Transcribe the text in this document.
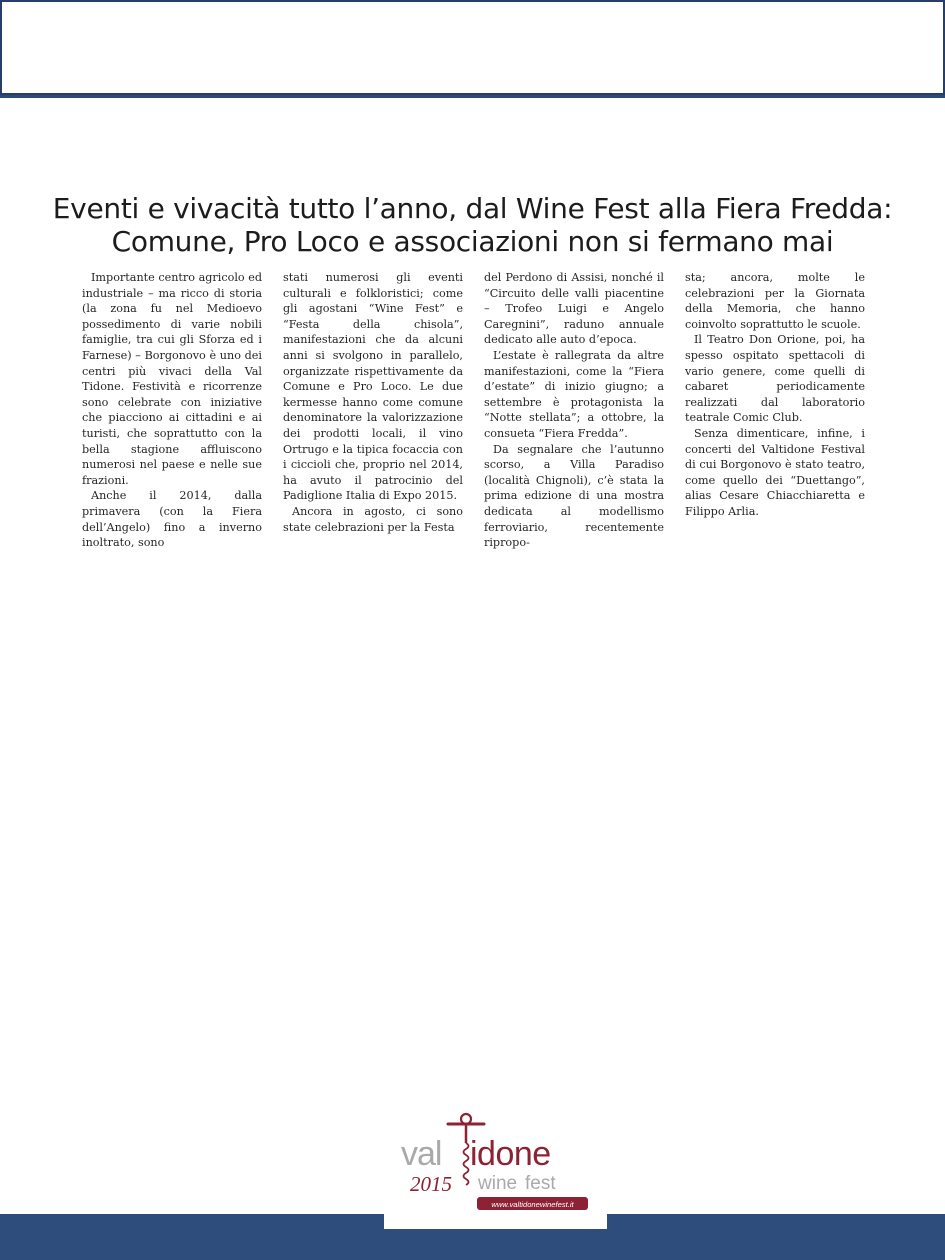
Eventi e vivacità tutto l’anno, dal Wine Fest alla Fiera Fredda:
Comune, Pro Loco e associazioni non si fermano mai

Importante centro agricolo ed industriale – ma ricco di storia (la zona fu nel Medioevo possedimento di varie nobili famiglie, tra cui gli Sforza ed i Farnese) – Borgonovo è uno dei centri più vivaci della Val Tidone. Festività e ricorrenze sono celebrate con iniziative che piacciono ai cittadini e ai turisti, che soprattutto con la bella stagione affluiscono numerosi nel paese e nelle sue frazioni.

Anche il 2014, dalla primavera (con la Fiera dell’Angelo) fino a inverno inoltrato, sono

stati numerosi gli eventi culturali e folkloristici; come gli agostani “Wine Fest” e “Festa della chisola”, manifestazioni che da alcuni anni si svolgono in parallelo, organizzate rispettivamente da Comune e Pro Loco. Le due kermesse hanno come comune denominatore la valorizzazione dei prodotti locali, il vino Ortrugo e la tipica focaccia con i ciccioli che, proprio nel 2014, ha avuto il patrocinio del Padiglione Italia di Expo 2015.

Ancora in agosto, ci sono state celebrazioni per la Festa

del Perdono di Assisi, nonché il “Circuito delle valli piacentine – Trofeo Luigi e Angelo Caregnini”, raduno annuale dedicato alle auto d’epoca.

L’estate è rallegrata da altre manifestazioni, come la “Fiera d’estate” di inizio giugno; a settembre è protagonista la “Notte stellata”; a ottobre, la consueta “Fiera Fredda”.

Da segnalare che l’autunno scorso, a Villa Paradiso (località Chignoli), c’è stata la prima edizione di una mostra dedicata al modellismo ferroviario, recentemente ripropo-

sta; ancora, molte le celebrazioni per la Giornata della Memoria, che hanno coinvolto soprattutto le scuole.

Il Teatro Don Orione, poi, ha spesso ospitato spettacoli di vario genere, come quelli di cabaret periodicamente realizzati dal laboratorio teatrale Comic Club.

Senza dimenticare, infine, i concerti del Valtidone Festival di cui Borgonovo è stato teatro, come quello dei “Duettango”, alias Cesare Chiacchiaretta e Filippo Arlia.

val idone
2015 wine fest
www.valtidonewinefest.it
